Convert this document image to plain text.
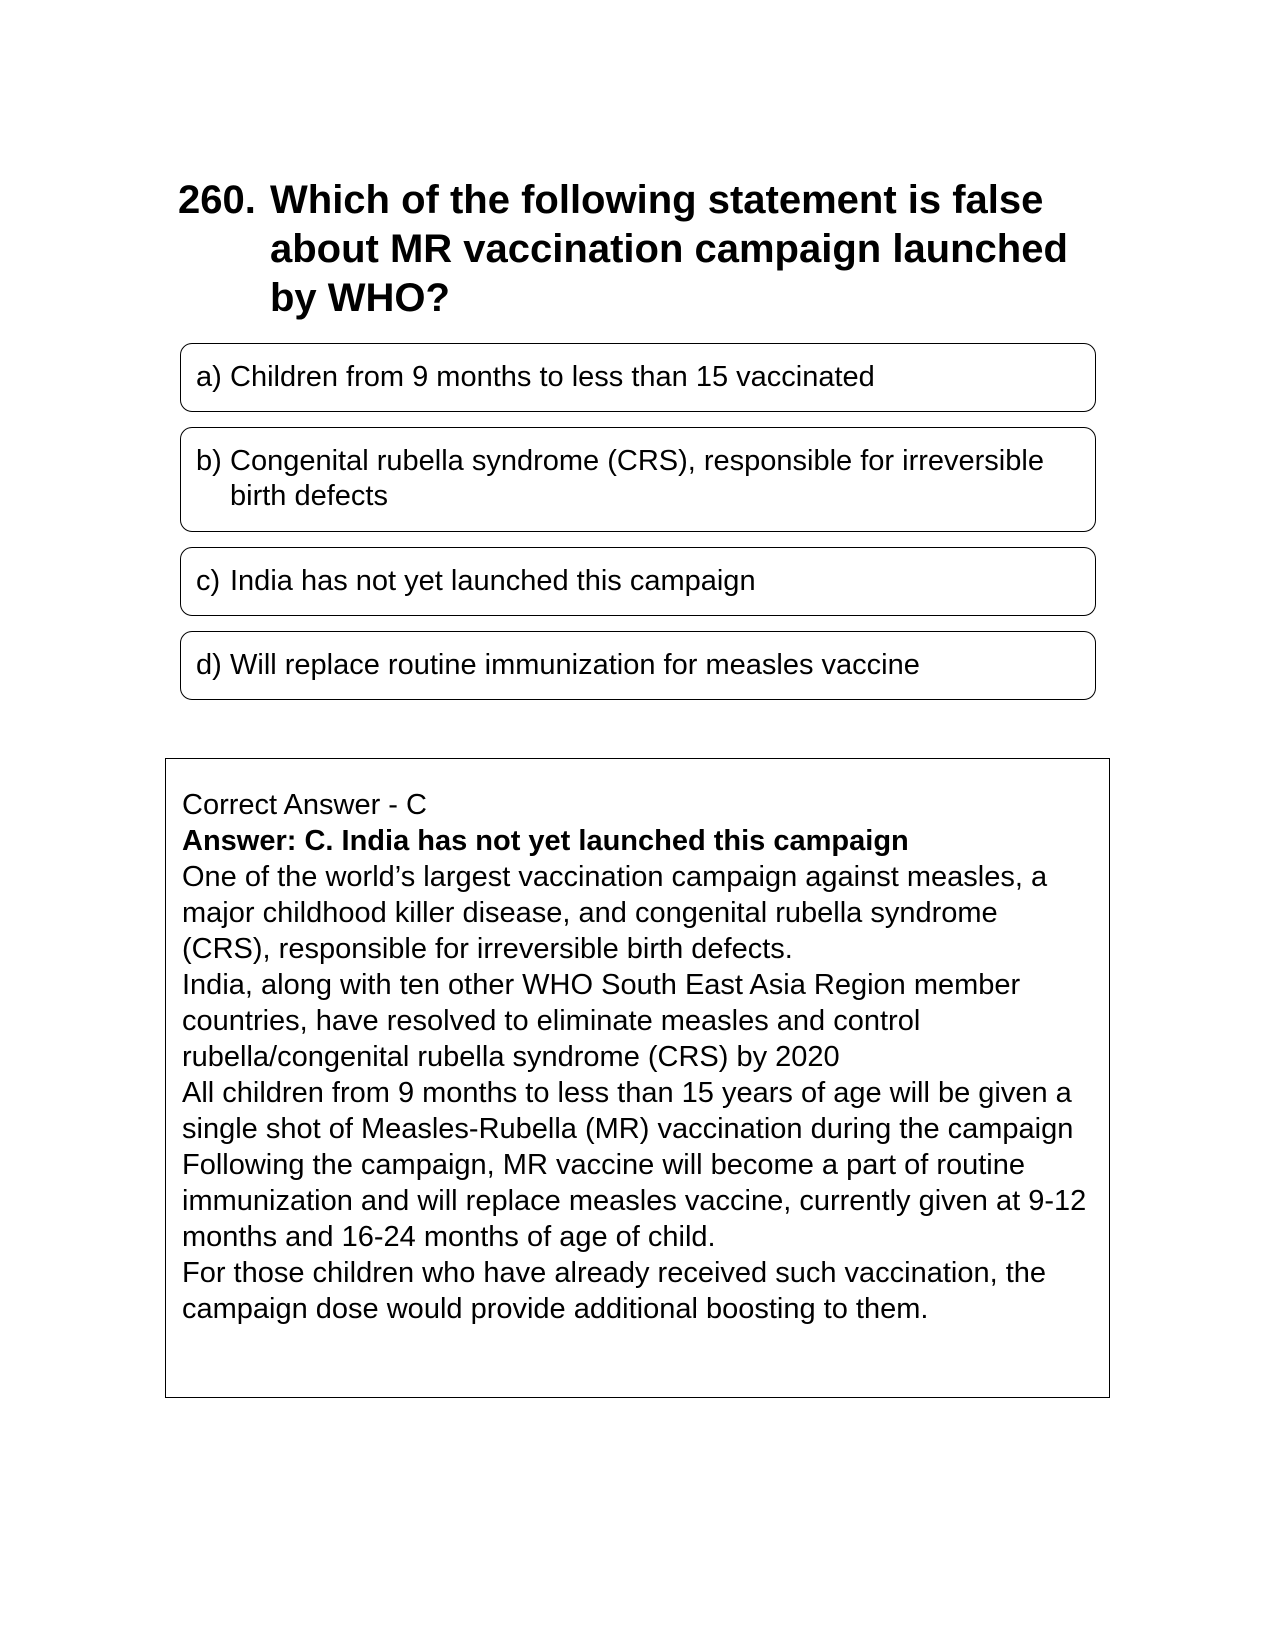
260. Which of the following statement is false about MR vaccination campaign launched by WHO?
a) Children from 9 months to less than 15 vaccinated
b) Congenital rubella syndrome (CRS), responsible for irreversible birth defects
c) India has not yet launched this campaign
d) Will replace routine immunization for measles vaccine

Correct Answer - C

Answer: C. India has not yet launched this campaign

One of the world’s largest vaccination campaign against measles, a major childhood killer disease, and congenital rubella syndrome (CRS), responsible for irreversible birth defects.

India, along with ten other WHO South East Asia Region member countries, have resolved to eliminate measles and control rubella/congenital rubella syndrome (CRS) by 2020

All children from 9 months to less than 15 years of age will be given a single shot of Measles-Rubella (MR) vaccination during the campaign

Following the campaign, MR vaccine will become a part of routine immunization and will replace measles vaccine, currently given at 9-12 months and 16-24 months of age of child.

For those children who have already received such vaccination, the campaign dose would provide additional boosting to them.
